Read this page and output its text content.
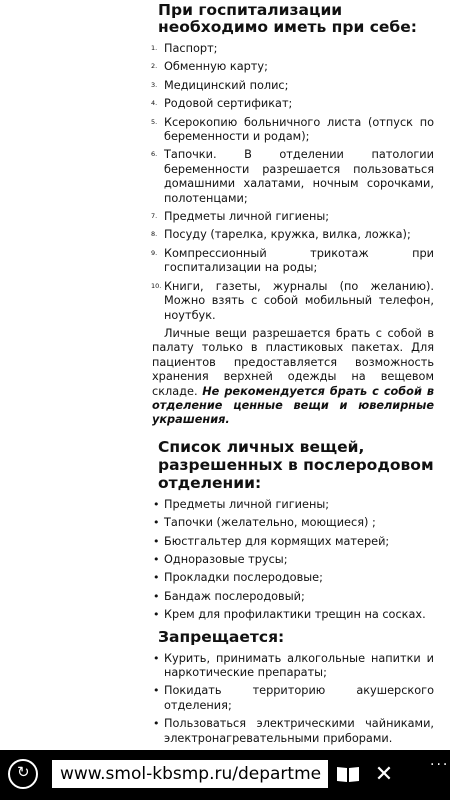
При госпитализации необходимо иметь при себе:
1. Паспорт;
2. Обменную карту;
3. Медицинский полис;
4. Родовой сертификат;
5. Ксерокопию больничного листа (отпуск по беременности и родам);
6. Тапочки. В отделении патологии беременности разрешается пользоваться домашними халатами, ночным сорочками, полотенцами;
7. Предметы личной гигиены;
8. Посуду (тарелка, кружка, вилка, ложка);
9. Компрессионный трикотаж при госпитализации на роды;
10. Книги, газеты, журналы (по желанию). Можно взять с собой мобильный телефон, ноутбук.

Личные вещи разрешается брать с собой в палату только в пластиковых пакетах. Для пациентов предоставляется возможность хранения верхней одежды на вещевом складе. Не рекомендуется брать с собой в отделение ценные вещи и ювелирные украшения.

Список личных вещей, разрешенных в послеродовом отделении:
• Предметы личной гигиены;
• Тапочки (желательно, моющиеся) ;
• Бюстгальтер для кормящих матерей;
• Одноразовые трусы;
• Прокладки послеродовые;
• Бандаж послеродовый;
• Крем для профилактики трещин на сосках.
Запрещается:
• Курить, принимать алкогольные напитки и наркотические препараты;
• Покидать территорию акушерского отделения;
• Пользоваться электрическими чайниками, электронагревательными приборами.
↻	www.smol-kbsmp.ru/departme	✕	···
